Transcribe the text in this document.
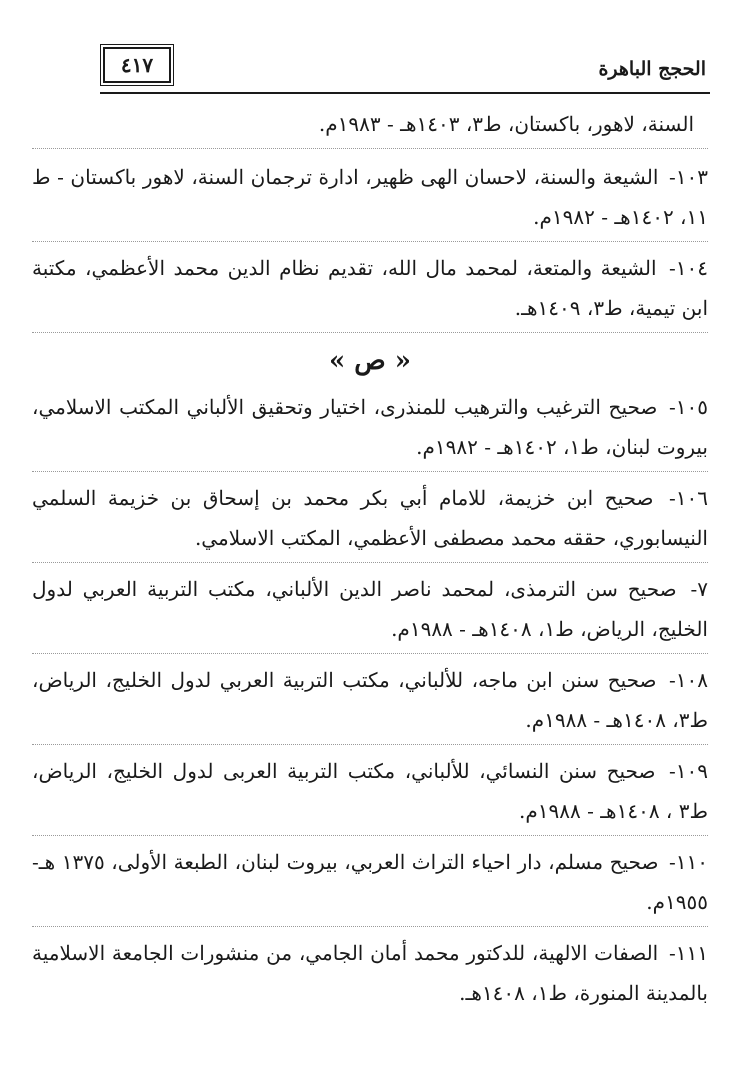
الحجج الباهرة
٤١٧
السنة، لاهور، باكستان، ط٣، ١٤٠٣هـ - ١٩٨٣م.
١٠٣- الشيعة والسنة، لاحسان الهى ظهير، ادارة ترجمان السنة، لاهور باكستان - ط ١١، ١٤٠٢هـ - ١٩٨٢م.
١٠٤- الشيعة والمتعة، لمحمد مال الله، تقديم نظام الدين محمد الأعظمي، مكتبة ابن تيمية، ط٣، ١٤٠٩هـ.
« ص »
١٠٥- صحيح الترغيب والترهيب للمنذرى، اختيار وتحقيق الألباني المكتب الاسلامي، بيروت لبنان، ط١، ١٤٠٢هـ - ١٩٨٢م.
١٠٦- صحيح ابن خزيمة، للامام أبي بكر محمد بن إسحاق بن خزيمة السلمي النيسابوري، حققه محمد مصطفى الأعظمي، المكتب الاسلامي.
٧- صحيح سن الترمذى، لمحمد ناصر الدين الألباني، مكتب التربية العربي لدول الخليج، الرياض، ط١، ١٤٠٨هـ - ١٩٨٨م.
١٠٨- صحيح سنن ابن ماجه، للألباني، مكتب التربية العربي لدول الخليج، الرياض، ط٣، ١٤٠٨هـ - ١٩٨٨م.
١٠٩- صحيح سنن النسائي، للألباني، مكتب التربية العربى لدول الخليج، الرياض، ط٣ ، ١٤٠٨هـ - ١٩٨٨م.
١١٠- صحيح مسلم، دار احياء التراث العربي، بيروت لبنان، الطبعة الأولى، ١٣٧٥ هـ- ١٩٥٥م.
١١١- الصفات الالهية، للدكتور محمد أمان الجامي، من منشورات الجامعة الاسلامية بالمدينة المنورة، ط١، ١٤٠٨هـ.
